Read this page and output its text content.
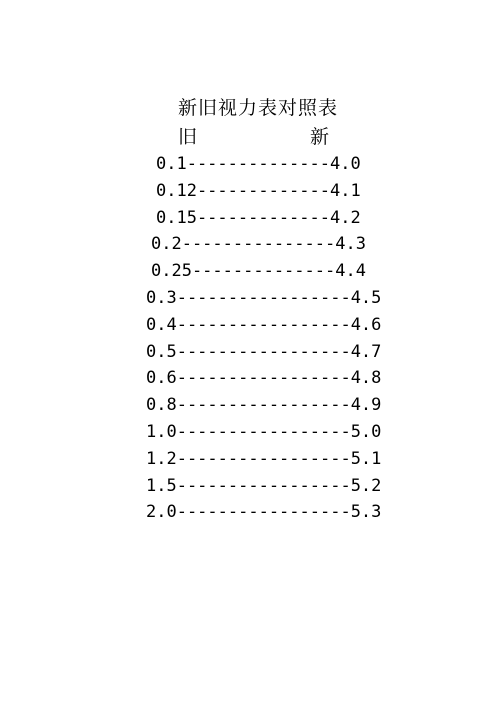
新旧视力表对照表
旧	新
0.1--------------4.0
0.12-------------4.1
0.15-------------4.2
0.2---------------4.3
0.25--------------4.4
0.3-----------------4.5
0.4-----------------4.6
0.5-----------------4.7
0.6-----------------4.8
0.8-----------------4.9
1.0-----------------5.0
1.2-----------------5.1
1.5-----------------5.2
2.0-----------------5.3
